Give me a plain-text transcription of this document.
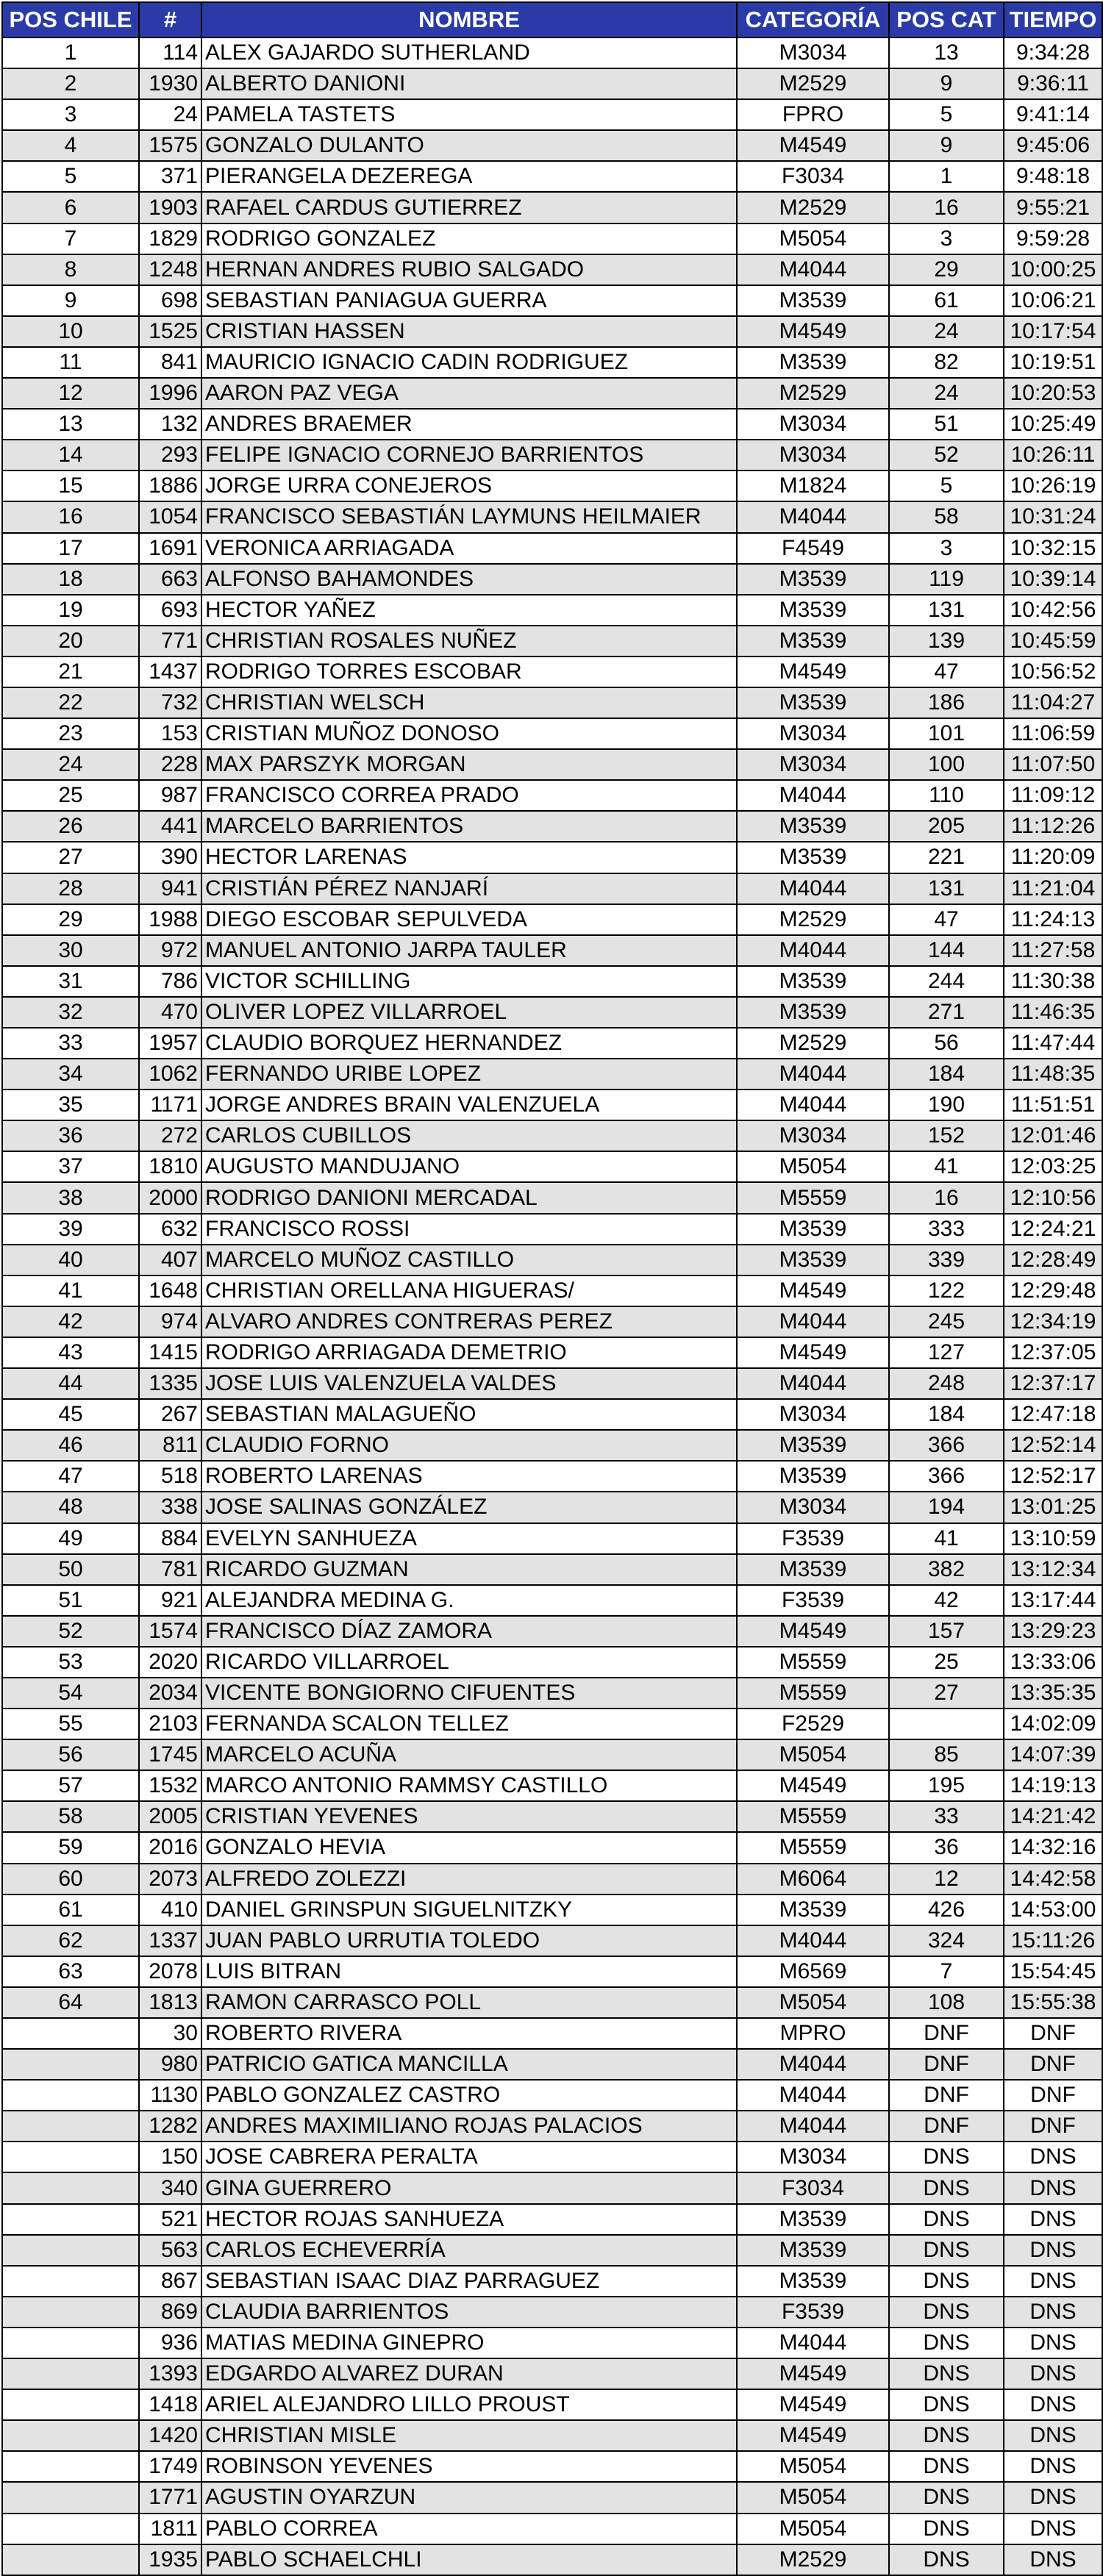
POS CHILE	#	NOMBRE	CATEGORÍA	POS CAT	TIEMPO
1	114	ALEX GAJARDO SUTHERLAND	M3034	13	9:34:28
2	1930	ALBERTO DANIONI	M2529	9	9:36:11
3	24	PAMELA TASTETS	FPRO	5	9:41:14
4	1575	GONZALO DULANTO	M4549	9	9:45:06
5	371	PIERANGELA DEZEREGA	F3034	1	9:48:18
6	1903	RAFAEL CARDUS GUTIERREZ	M2529	16	9:55:21
7	1829	RODRIGO GONZALEZ	M5054	3	9:59:28
8	1248	HERNAN ANDRES RUBIO SALGADO	M4044	29	10:00:25
9	698	SEBASTIAN PANIAGUA GUERRA	M3539	61	10:06:21
10	1525	CRISTIAN HASSEN	M4549	24	10:17:54
11	841	MAURICIO IGNACIO CADIN RODRIGUEZ	M3539	82	10:19:51
12	1996	AARON PAZ VEGA	M2529	24	10:20:53
13	132	ANDRES BRAEMER	M3034	51	10:25:49
14	293	FELIPE IGNACIO CORNEJO BARRIENTOS	M3034	52	10:26:11
15	1886	JORGE URRA CONEJEROS	M1824	5	10:26:19
16	1054	FRANCISCO SEBASTIÁN LAYMUNS HEILMAIER	M4044	58	10:31:24
17	1691	VERONICA ARRIAGADA	F4549	3	10:32:15
18	663	ALFONSO BAHAMONDES	M3539	119	10:39:14
19	693	HECTOR YAÑEZ	M3539	131	10:42:56
20	771	CHRISTIAN ROSALES NUÑEZ	M3539	139	10:45:59
21	1437	RODRIGO TORRES ESCOBAR	M4549	47	10:56:52
22	732	CHRISTIAN WELSCH	M3539	186	11:04:27
23	153	CRISTIAN MUÑOZ DONOSO	M3034	101	11:06:59
24	228	MAX PARSZYK MORGAN	M3034	100	11:07:50
25	987	FRANCISCO CORREA PRADO	M4044	110	11:09:12
26	441	MARCELO BARRIENTOS	M3539	205	11:12:26
27	390	HECTOR LARENAS	M3539	221	11:20:09
28	941	CRISTIÁN PÉREZ NANJARÍ	M4044	131	11:21:04
29	1988	DIEGO ESCOBAR SEPULVEDA	M2529	47	11:24:13
30	972	MANUEL ANTONIO JARPA TAULER	M4044	144	11:27:58
31	786	VICTOR SCHILLING	M3539	244	11:30:38
32	470	OLIVER LOPEZ VILLARROEL	M3539	271	11:46:35
33	1957	CLAUDIO BORQUEZ HERNANDEZ	M2529	56	11:47:44
34	1062	FERNANDO URIBE LOPEZ	M4044	184	11:48:35
35	1171	JORGE ANDRES BRAIN VALENZUELA	M4044	190	11:51:51
36	272	CARLOS CUBILLOS	M3034	152	12:01:46
37	1810	AUGUSTO MANDUJANO	M5054	41	12:03:25
38	2000	RODRIGO DANIONI MERCADAL	M5559	16	12:10:56
39	632	FRANCISCO ROSSI	M3539	333	12:24:21
40	407	MARCELO MUÑOZ CASTILLO	M3539	339	12:28:49
41	1648	CHRISTIAN ORELLANA HIGUERAS/	M4549	122	12:29:48
42	974	ALVARO ANDRES CONTRERAS PEREZ	M4044	245	12:34:19
43	1415	RODRIGO ARRIAGADA DEMETRIO	M4549	127	12:37:05
44	1335	JOSE LUIS VALENZUELA VALDES	M4044	248	12:37:17
45	267	SEBASTIAN MALAGUEÑO	M3034	184	12:47:18
46	811	CLAUDIO FORNO	M3539	366	12:52:14
47	518	ROBERTO LARENAS	M3539	366	12:52:17
48	338	JOSE SALINAS GONZÁLEZ	M3034	194	13:01:25
49	884	EVELYN SANHUEZA	F3539	41	13:10:59
50	781	RICARDO GUZMAN	M3539	382	13:12:34
51	921	ALEJANDRA MEDINA G.	F3539	42	13:17:44
52	1574	FRANCISCO DÍAZ ZAMORA	M4549	157	13:29:23
53	2020	RICARDO VILLARROEL	M5559	25	13:33:06
54	2034	VICENTE BONGIORNO CIFUENTES	M5559	27	13:35:35
55	2103	FERNANDA SCALON TELLEZ	F2529		14:02:09
56	1745	MARCELO ACUÑA	M5054	85	14:07:39
57	1532	MARCO ANTONIO RAMMSY CASTILLO	M4549	195	14:19:13
58	2005	CRISTIAN YEVENES	M5559	33	14:21:42
59	2016	GONZALO HEVIA	M5559	36	14:32:16
60	2073	ALFREDO ZOLEZZI	M6064	12	14:42:58
61	410	DANIEL GRINSPUN SIGUELNITZKY	M3539	426	14:53:00
62	1337	JUAN PABLO URRUTIA TOLEDO	M4044	324	15:11:26
63	2078	LUIS BITRAN	M6569	7	15:54:45
64	1813	RAMON CARRASCO POLL	M5054	108	15:55:38
	30	ROBERTO RIVERA	MPRO	DNF	DNF
	980	PATRICIO GATICA MANCILLA	M4044	DNF	DNF
	1130	PABLO GONZALEZ CASTRO	M4044	DNF	DNF
	1282	ANDRES MAXIMILIANO ROJAS PALACIOS	M4044	DNF	DNF
	150	JOSE CABRERA PERALTA	M3034	DNS	DNS
	340	GINA GUERRERO	F3034	DNS	DNS
	521	HECTOR ROJAS SANHUEZA	M3539	DNS	DNS
	563	CARLOS ECHEVERRÍA	M3539	DNS	DNS
	867	SEBASTIAN ISAAC DIAZ PARRAGUEZ	M3539	DNS	DNS
	869	CLAUDIA BARRIENTOS	F3539	DNS	DNS
	936	MATIAS MEDINA GINEPRO	M4044	DNS	DNS
	1393	EDGARDO ALVAREZ DURAN	M4549	DNS	DNS
	1418	ARIEL ALEJANDRO LILLO PROUST	M4549	DNS	DNS
	1420	CHRISTIAN MISLE	M4549	DNS	DNS
	1749	ROBINSON YEVENES	M5054	DNS	DNS
	1771	AGUSTIN OYARZUN	M5054	DNS	DNS
	1811	PABLO CORREA	M5054	DNS	DNS
	1935	PABLO SCHAELCHLI	M2529	DNS	DNS
